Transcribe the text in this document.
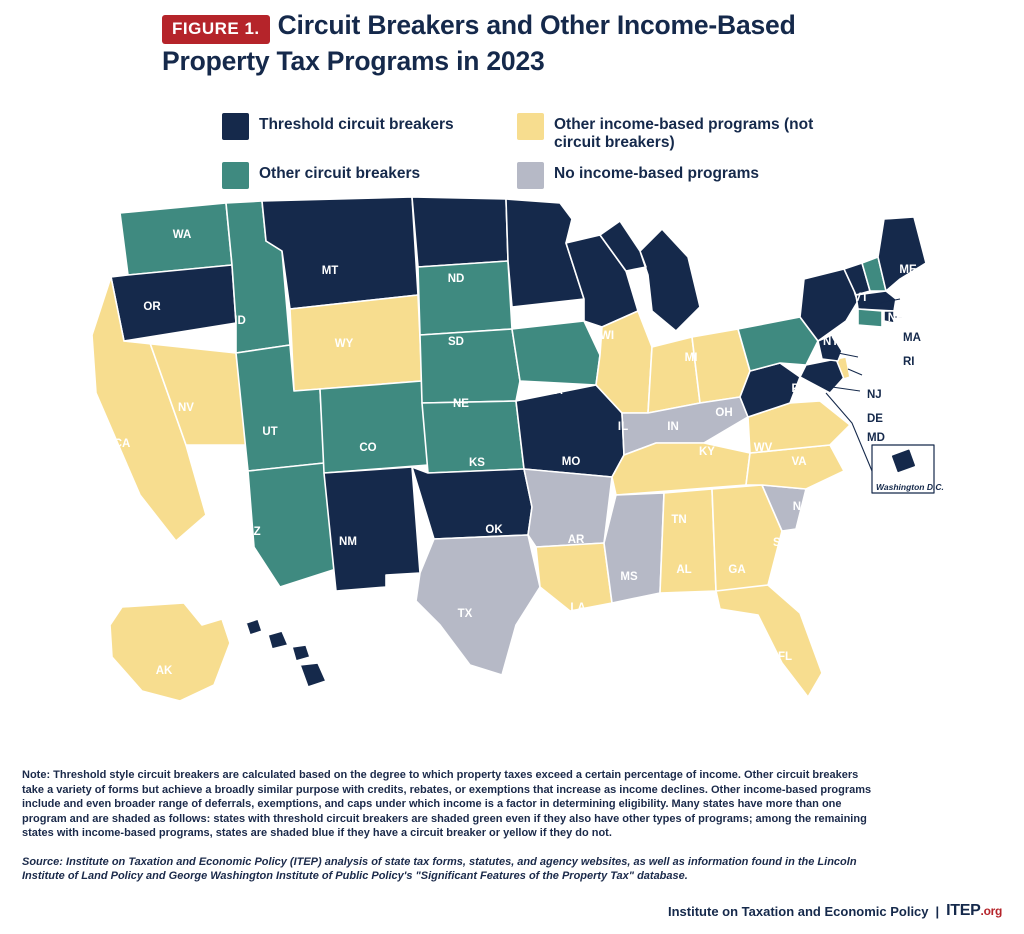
FIGURE 1. Circuit Breakers and Other Income-Based Property Tax Programs in 2023
Threshold circuit breakers	Other income-based programs (not circuit breakers)
Other circuit breakers	No income-based programs
WA
OR
ID
MT
ND
MN
WI
MI
SD
WY
NV
CA
UT
CO
NE
IA
IL	IN
OH
KS	MO
KY
AZ
NM
OK
AR
TN
MS
AL	GA
SC
NC
VA
WV
PA
NY
VT
NH
ME
CT
LA
TX
FL
AK
HI
MA
RI
NJ
DE
MD
Washington D.C.
Note: Threshold style circuit breakers are calculated based on the degree to which property taxes exceed a certain percentage of income. Other circuit breakers take a variety of forms but achieve a broadly similar purpose with credits, rebates, or exemptions that increase as income declines. Other income-based programs include and even broader range of deferrals, exemptions, and caps under which income is a factor in determining eligibility. Many states have more than one program and are shaded as follows: states with threshold circuit breakers are shaded green even if they also have other types of programs; among the remaining states with income-based programs, states are shaded blue if they have a circuit breaker or yellow if they do not.
Source: Institute on Taxation and Economic Policy (ITEP) analysis of state tax forms, statutes, and agency websites, as well as information found in the Lincoln Institute of Land Policy and George Washington Institute of Public Policy's "Significant Features of the Property Tax" database.
Institute on Taxation and Economic Policy | ITEP.org
